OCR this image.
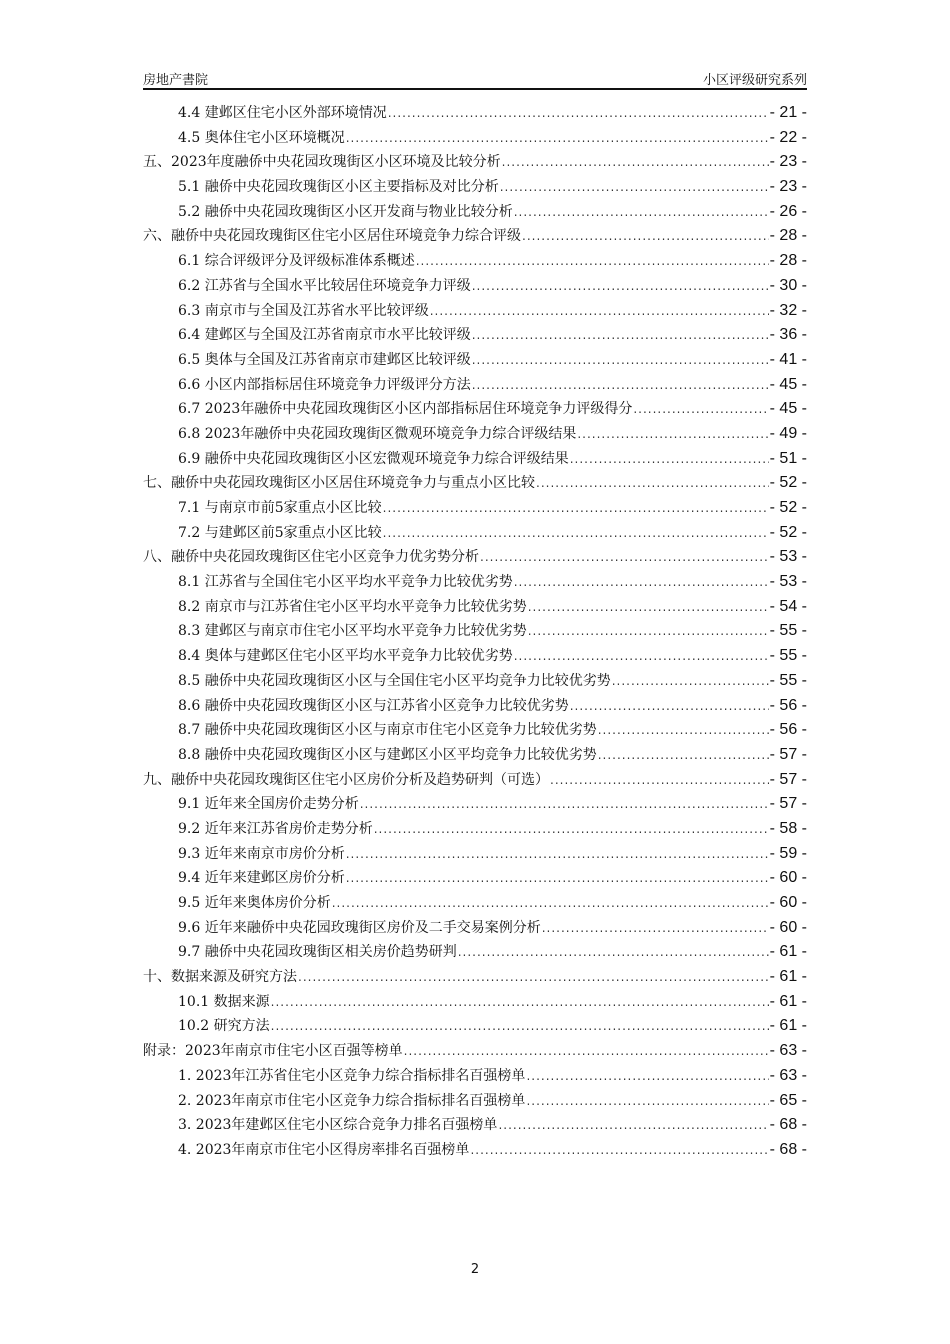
房地产書院	小区评级研究系列
4.4 建邺区住宅小区外部环境情况 .....	- 21 -
4.5 奥体住宅小区环境概况 .....	- 22 -
五、2023年度融侨中央花园玫瑰街区小区环境及比较分析 .....	- 23 -
5.1 融侨中央花园玫瑰街区小区主要指标及对比分析 .....	- 23 -
5.2 融侨中央花园玫瑰街区小区开发商与物业比较分析 .....	- 26 -
六、融侨中央花园玫瑰街区住宅小区居住环境竞争力综合评级 .....	- 28 -
6.1 综合评级评分及评级标准体系概述 .....	- 28 -
6.2 江苏省与全国水平比较居住环境竞争力评级 .....	- 30 -
6.3 南京市与全国及江苏省水平比较评级 .....	- 32 -
6.4 建邺区与全国及江苏省南京市水平比较评级 .....	- 36 -
6.5 奥体与全国及江苏省南京市建邺区比较评级 .....	- 41 -
6.6 小区内部指标居住环境竞争力评级评分方法 .....	- 45 -
6.7 2023年融侨中央花园玫瑰街区小区内部指标居住环境竞争力评级得分 .....	- 45 -
6.8 2023年融侨中央花园玫瑰街区微观环境竞争力综合评级结果 .....	- 49 -
6.9 融侨中央花园玫瑰街区小区宏微观环境竞争力综合评级结果 .....	- 51 -
七、融侨中央花园玫瑰街区小区居住环境竞争力与重点小区比较 .....	- 52 -
7.1 与南京市前5家重点小区比较 .....	- 52 -
7.2 与建邺区前5家重点小区比较 .....	- 52 -
八、融侨中央花园玫瑰街区住宅小区竞争力优劣势分析 .....	- 53 -
8.1 江苏省与全国住宅小区平均水平竞争力比较优劣势 .....	- 53 -
8.2 南京市与江苏省住宅小区平均水平竞争力比较优劣势 .....	- 54 -
8.3 建邺区与南京市住宅小区平均水平竞争力比较优劣势 .....	- 55 -
8.4 奥体与建邺区住宅小区平均水平竞争力比较优劣势 .....	- 55 -
8.5 融侨中央花园玫瑰街区小区与全国住宅小区平均竞争力比较优劣势 .....	- 55 -
8.6 融侨中央花园玫瑰街区小区与江苏省小区竞争力比较优劣势 .....	- 56 -
8.7 融侨中央花园玫瑰街区小区与南京市住宅小区竞争力比较优劣势 .....	- 56 -
8.8 融侨中央花园玫瑰街区小区与建邺区小区平均竞争力比较优劣势 .....	- 57 -
九、融侨中央花园玫瑰街区住宅小区房价分析及趋势研判（可选） .....	- 57 -
9.1 近年来全国房价走势分析 .....	- 57 -
9.2 近年来江苏省房价走势分析 .....	- 58 -
9.3 近年来南京市房价分析 .....	- 59 -
9.4 近年来建邺区房价分析 .....	- 60 -
9.5 近年来奥体房价分析 .....	- 60 -
9.6 近年来融侨中央花园玫瑰街区房价及二手交易案例分析 .....	- 60 -
9.7 融侨中央花园玫瑰街区相关房价趋势研判 .....	- 61 -
十、数据来源及研究方法 .....	- 61 -
10.1 数据来源 .....	- 61 -
10.2 研究方法 .....	- 61 -
附录：2023年南京市住宅小区百强等榜单 .....	- 63 -
1. 2023年江苏省住宅小区竞争力综合指标排名百强榜单 .....	- 63 -
2. 2023年南京市住宅小区竞争力综合指标排名百强榜单 .....	- 65 -
3. 2023年建邺区住宅小区综合竞争力排名百强榜单 .....	- 68 -
4. 2023年南京市住宅小区得房率排名百强榜单 .....	- 68 -
2
